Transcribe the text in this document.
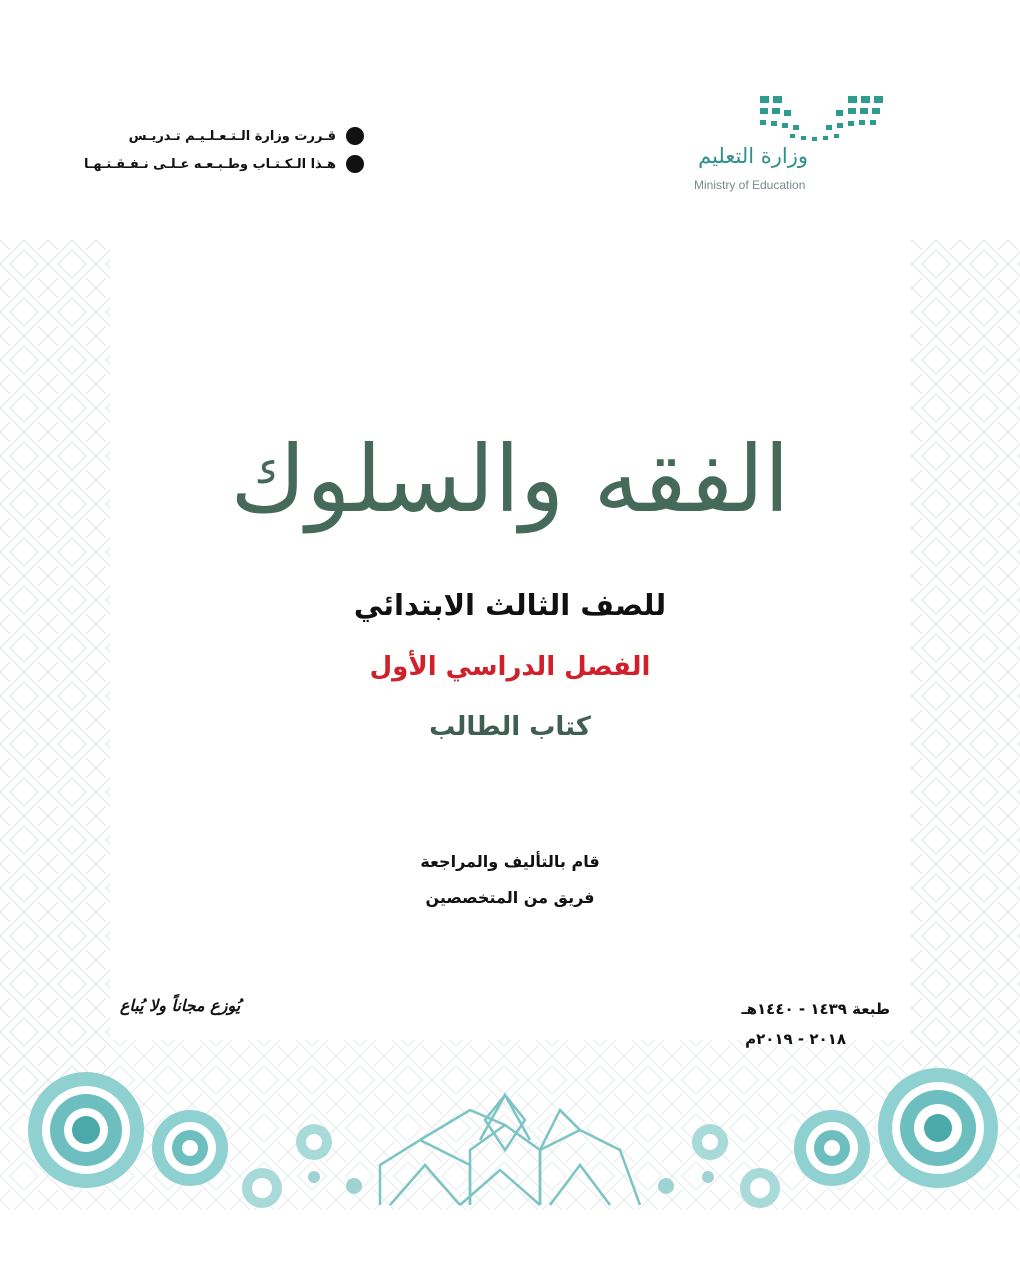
وزارة التعليم
Ministry of Education
قـررت وزارة الـتـعـلـيـم تـدريـس
هـذا الـكـتـاب وطـبـعـه عـلـى نـفـقـتـهـا
الفقه والسلوك
للصف الثالث الابتدائي
الفصل الدراسي الأول
كتاب الطالب
قام بالتأليف والمراجعة
فريق من المتخصصين
طبعة ١٤٣٩ - ١٤٤٠هـ
٢٠١٨ - ٢٠١٩م
يُوزع مجاناً ولا يُباع
